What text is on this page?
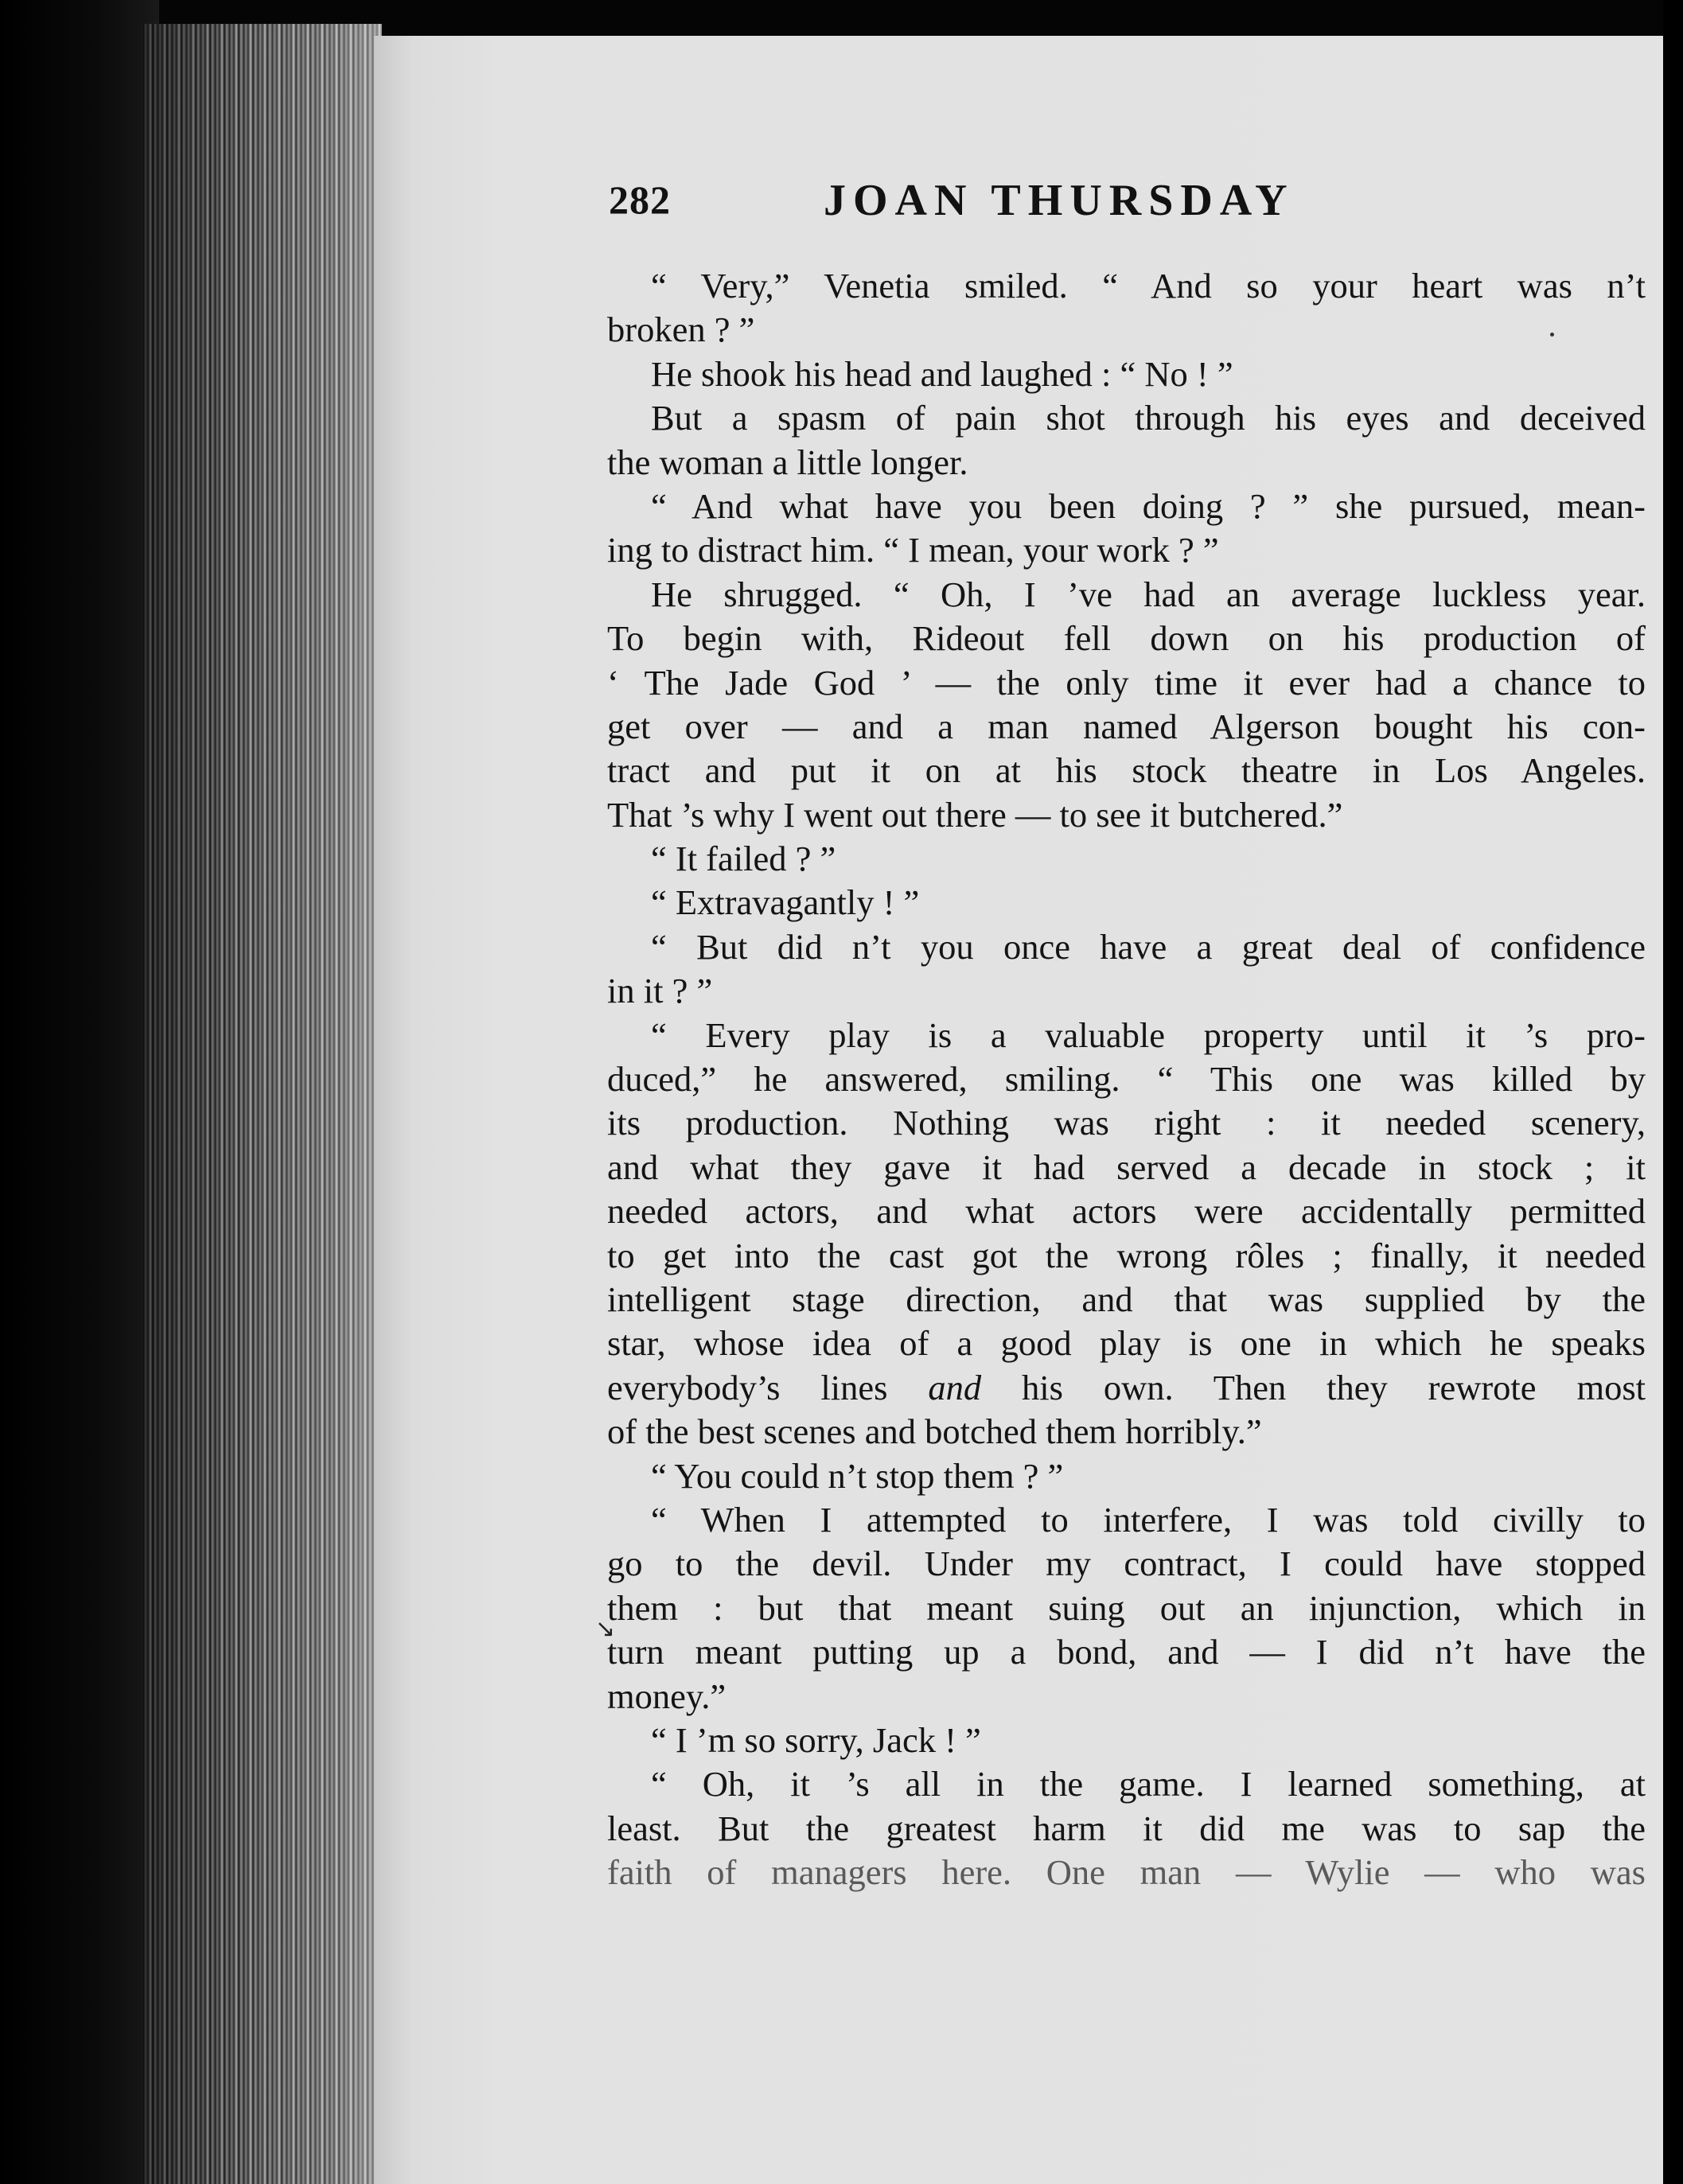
282	JOAN THURSDAY
“ Very,” Venetia smiled. “ And so your heart was n’t
broken ? ”
He shook his head and laughed : “ No ! ”
But a spasm of pain shot through his eyes and deceived
the woman a little longer.
“ And what have you been doing ? ” she pursued, mean-
ing to distract him. “ I mean, your work ? ”
He shrugged. “ Oh, I ’ve had an average luckless year.
To begin with, Rideout fell down on his production of
‘ The Jade God ’ — the only time it ever had a chance to
get over — and a man named Algerson bought his con-
tract and put it on at his stock theatre in Los Angeles.
That ’s why I went out there — to see it butchered.”
“ It failed ? ”
“ Extravagantly ! ”
“ But did n’t you once have a great deal of confidence
in it ? ”
“ Every play is a valuable property until it ’s pro-
duced,” he answered, smiling. “ This one was killed by
its production. Nothing was right : it needed scenery,
and what they gave it had served a decade in stock ; it
needed actors, and what actors were accidentally permitted
to get into the cast got the wrong rôles ; finally, it needed
intelligent stage direction, and that was supplied by the
star, whose idea of a good play is one in which he speaks
everybody’s lines and his own. Then they rewrote most
of the best scenes and botched them horribly.”
“ You could n’t stop them ? ”
“ When I attempted to interfere, I was told civilly to
go to the devil. Under my contract, I could have stopped
them : but that meant suing out an injunction, which in
turn meant putting up a bond, and — I did n’t have the
money.”
“ I ’m so sorry, Jack ! ”
“ Oh, it ’s all in the game. I learned something, at
least. But the greatest harm it did me was to sap the
faith of managers here. One man — Wylie — who was
↘
